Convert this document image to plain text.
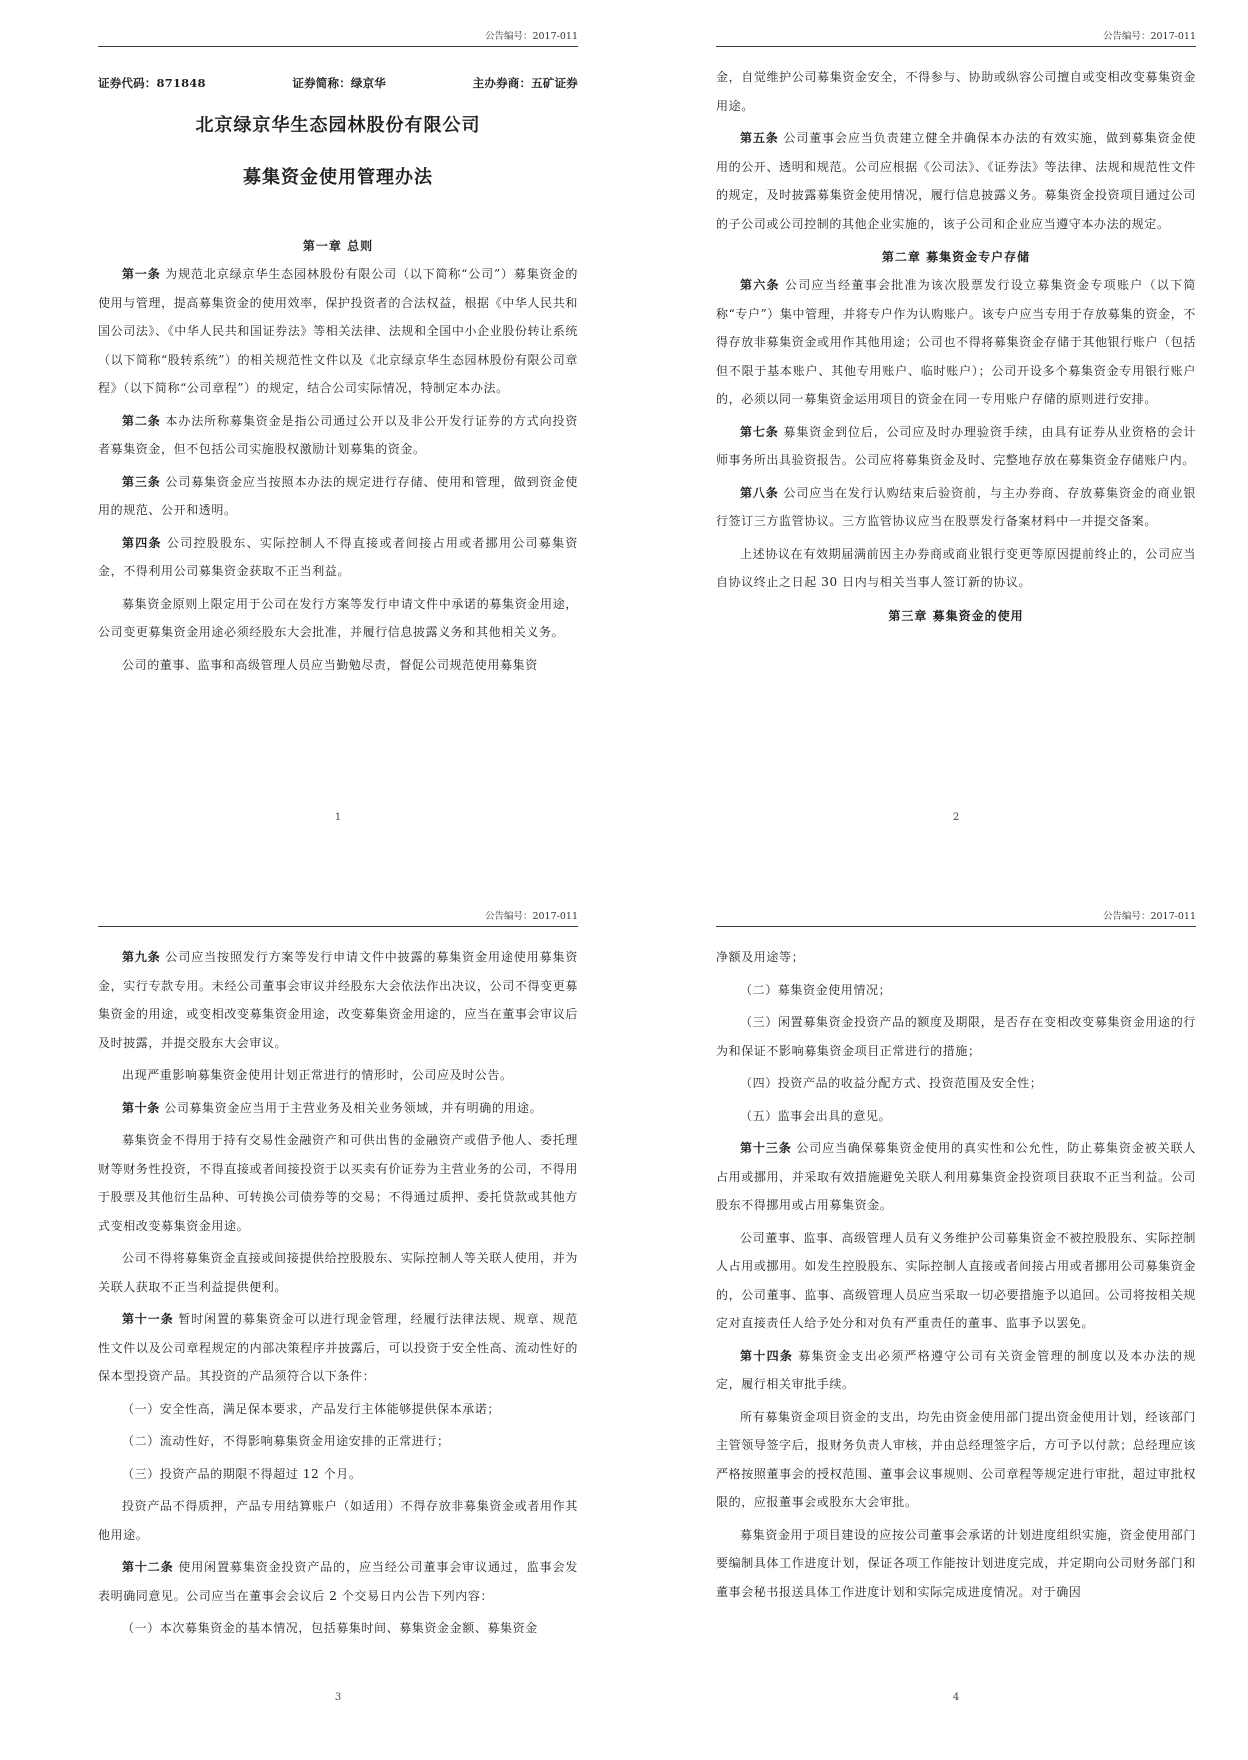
公告编号：2017-011
证券代码：871848	证券简称：绿京华	主办券商：五矿证券
北京绿京华生态园林股份有限公司
募集资金使用管理办法
第一章 总则

第一条 为规范北京绿京华生态园林股份有限公司（以下简称“公司”）募集资金的使用与管理，提高募集资金的使用效率，保护投资者的合法权益，根据《中华人民共和国公司法》、《中华人民共和国证券法》等相关法律、法规和全国中小企业股份转让系统（以下简称“股转系统”）的相关规范性文件以及《北京绿京华生态园林股份有限公司章程》（以下简称“公司章程”）的规定，结合公司实际情况，特制定本办法。

第二条 本办法所称募集资金是指公司通过公开以及非公开发行证券的方式向投资者募集资金，但不包括公司实施股权激励计划募集的资金。

第三条 公司募集资金应当按照本办法的规定进行存储、使用和管理，做到资金使用的规范、公开和透明。

第四条 公司控股股东、实际控制人不得直接或者间接占用或者挪用公司募集资金，不得利用公司募集资金获取不正当利益。

募集资金原则上限定用于公司在发行方案等发行申请文件中承诺的募集资金用途，公司变更募集资金用途必须经股东大会批准，并履行信息披露义务和其他相关义务。

公司的董事、监事和高级管理人员应当勤勉尽责，督促公司规范使用募集资

1
公告编号：2017-011

金，自觉维护公司募集资金安全，不得参与、协助或纵容公司擅自或变相改变募集资金用途。

第五条 公司董事会应当负责建立健全并确保本办法的有效实施，做到募集资金使用的公开、透明和规范。公司应根据《公司法》、《证券法》等法律、法规和规范性文件的规定，及时披露募集资金使用情况，履行信息披露义务。募集资金投资项目通过公司的子公司或公司控制的其他企业实施的，该子公司和企业应当遵守本办法的规定。

第二章 募集资金专户存储

第六条 公司应当经董事会批准为该次股票发行设立募集资金专项账户（以下简称“专户”）集中管理，并将专户作为认购账户。该专户应当专用于存放募集的资金，不得存放非募集资金或用作其他用途；公司也不得将募集资金存储于其他银行账户（包括但不限于基本账户、其他专用账户、临时账户）；公司开设多个募集资金专用银行账户的，必须以同一募集资金运用项目的资金在同一专用账户存储的原则进行安排。

第七条 募集资金到位后，公司应及时办理验资手续，由具有证券从业资格的会计师事务所出具验资报告。公司应将募集资金及时、完整地存放在募集资金存储账户内。

第八条 公司应当在发行认购结束后验资前，与主办券商、存放募集资金的商业银行签订三方监管协议。三方监管协议应当在股票发行备案材料中一并提交备案。

上述协议在有效期届满前因主办券商或商业银行变更等原因提前终止的，公司应当自协议终止之日起 30 日内与相关当事人签订新的协议。

第三章 募集资金的使用
2
公告编号：2017-011

第九条 公司应当按照发行方案等发行申请文件中披露的募集资金用途使用募集资金，实行专款专用。未经公司董事会审议并经股东大会依法作出决议，公司不得变更募集资金的用途，或变相改变募集资金用途，改变募集资金用途的，应当在董事会审议后及时披露，并提交股东大会审议。

出现严重影响募集资金使用计划正常进行的情形时，公司应及时公告。

第十条 公司募集资金应当用于主营业务及相关业务领域，并有明确的用途。

募集资金不得用于持有交易性金融资产和可供出售的金融资产或借予他人、委托理财等财务性投资，不得直接或者间接投资于以买卖有价证券为主营业务的公司，不得用于股票及其他衍生品种、可转换公司债券等的交易；不得通过质押、委托贷款或其他方式变相改变募集资金用途。

公司不得将募集资金直接或间接提供给控股股东、实际控制人等关联人使用，并为关联人获取不正当利益提供便利。

第十一条 暂时闲置的募集资金可以进行现金管理，经履行法律法规、规章、规范性文件以及公司章程规定的内部决策程序并披露后，可以投资于安全性高、流动性好的保本型投资产品。其投资的产品须符合以下条件：

（一）安全性高，满足保本要求，产品发行主体能够提供保本承诺；

（二）流动性好，不得影响募集资金用途安排的正常进行；

（三）投资产品的期限不得超过 12 个月。

投资产品不得质押，产品专用结算账户（如适用）不得存放非募集资金或者用作其他用途。

第十二条 使用闲置募集资金投资产品的，应当经公司董事会审议通过，监事会发表明确同意见。公司应当在董事会会议后 2 个交易日内公告下列内容：

（一）本次募集资金的基本情况，包括募集时间、募集资金金额、募集资金

3
公告编号：2017-011

净额及用途等；

（二）募集资金使用情况；

（三）闲置募集资金投资产品的额度及期限，是否存在变相改变募集资金用途的行为和保证不影响募集资金项目正常进行的措施；

（四）投资产品的收益分配方式、投资范围及安全性；

（五）监事会出具的意见。

第十三条 公司应当确保募集资金使用的真实性和公允性，防止募集资金被关联人占用或挪用，并采取有效措施避免关联人利用募集资金投资项目获取不正当利益。公司股东不得挪用或占用募集资金。

公司董事、监事、高级管理人员有义务维护公司募集资金不被控股股东、实际控制人占用或挪用。如发生控股股东、实际控制人直接或者间接占用或者挪用公司募集资金的，公司董事、监事、高级管理人员应当采取一切必要措施予以追回。公司将按相关规定对直接责任人给予处分和对负有严重责任的董事、监事予以罢免。

第十四条 募集资金支出必须严格遵守公司有关资金管理的制度以及本办法的规定，履行相关审批手续。

所有募集资金项目资金的支出，均先由资金使用部门提出资金使用计划，经该部门主管领导签字后，报财务负责人审核，并由总经理签字后，方可予以付款；总经理应该严格按照董事会的授权范围、董事会议事规则、公司章程等规定进行审批，超过审批权限的，应报董事会或股东大会审批。

募集资金用于项目建设的应按公司董事会承诺的计划进度组织实施，资金使用部门要编制具体工作进度计划，保证各项工作能按计划进度完成，并定期向公司财务部门和董事会秘书报送具体工作进度计划和实际完成进度情况。对于确因

4
